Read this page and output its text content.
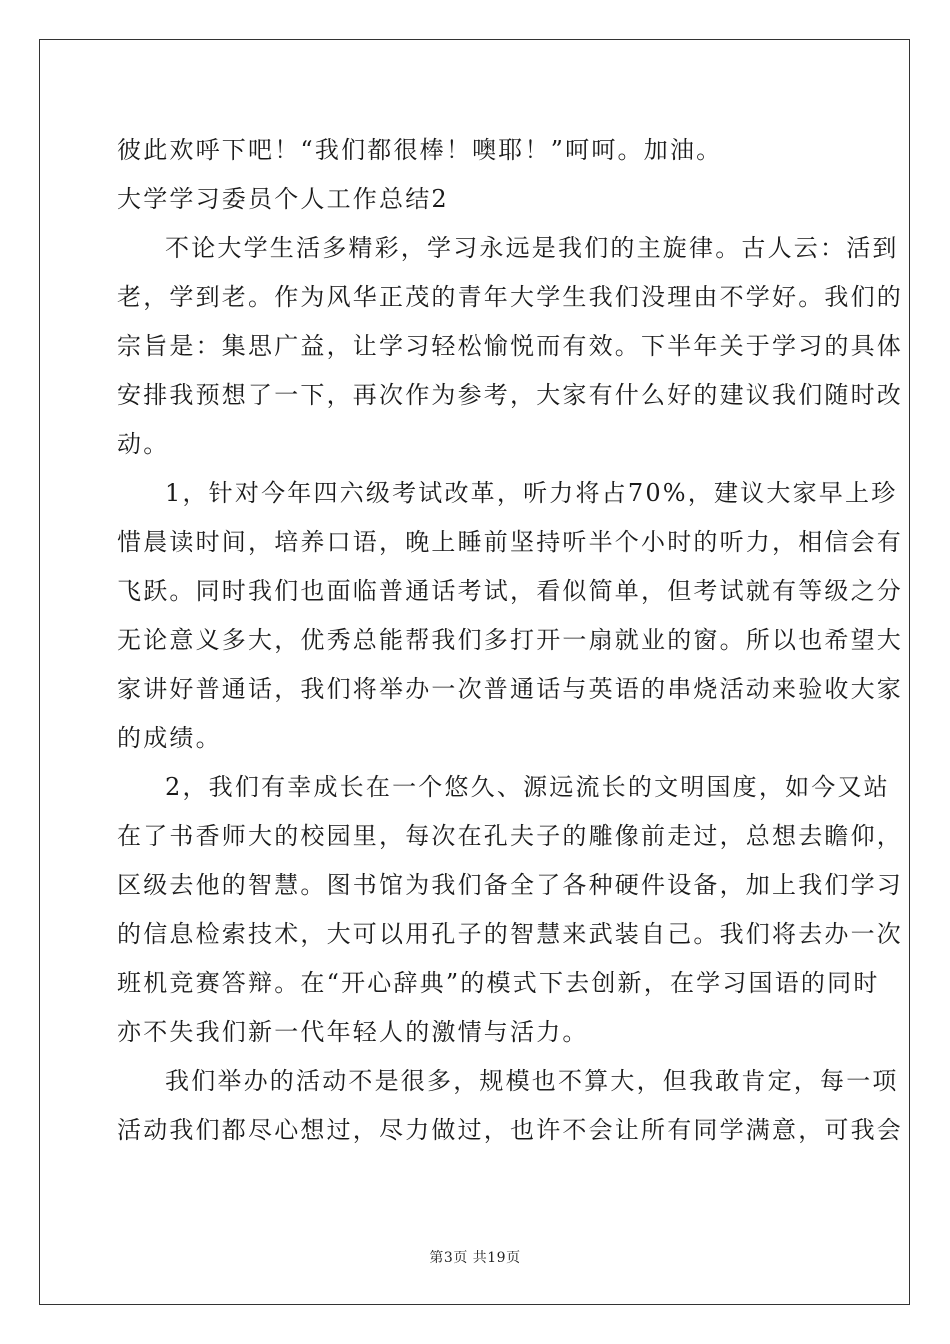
彼此欢呼下吧！“我们都很棒！噢耶！”呵呵。加油。
大学学习委员个人工作总结2
不论大学生活多精彩，学习永远是我们的主旋律。古人云：活到
老，学到老。作为风华正茂的青年大学生我们没理由不学好。我们的
宗旨是：集思广益，让学习轻松愉悦而有效。下半年关于学习的具体
安排我预想了一下，再次作为参考，大家有什么好的建议我们随时改
动。
1，针对今年四六级考试改革，听力将占70%，建议大家早上珍
惜晨读时间，培养口语，晚上睡前坚持听半个小时的听力，相信会有
飞跃。同时我们也面临普通话考试，看似简单，但考试就有等级之分
无论意义多大，优秀总能帮我们多打开一扇就业的窗。所以也希望大
家讲好普通话，我们将举办一次普通话与英语的串烧活动来验收大家
的成绩。
2，我们有幸成长在一个悠久、源远流长的文明国度，如今又站
在了书香师大的校园里，每次在孔夫子的雕像前走过，总想去瞻仰，
区级去他的智慧。图书馆为我们备全了各种硬件设备，加上我们学习
的信息检索技术，大可以用孔子的智慧来武装自己。我们将去办一次
班机竞赛答辩。在“开心辞典”的模式下去创新，在学习国语的同时
亦不失我们新一代年轻人的激情与活力。
我们举办的活动不是很多，规模也不算大，但我敢肯定，每一项
活动我们都尽心想过，尽力做过，也许不会让所有同学满意，可我会
第3页 共19页
